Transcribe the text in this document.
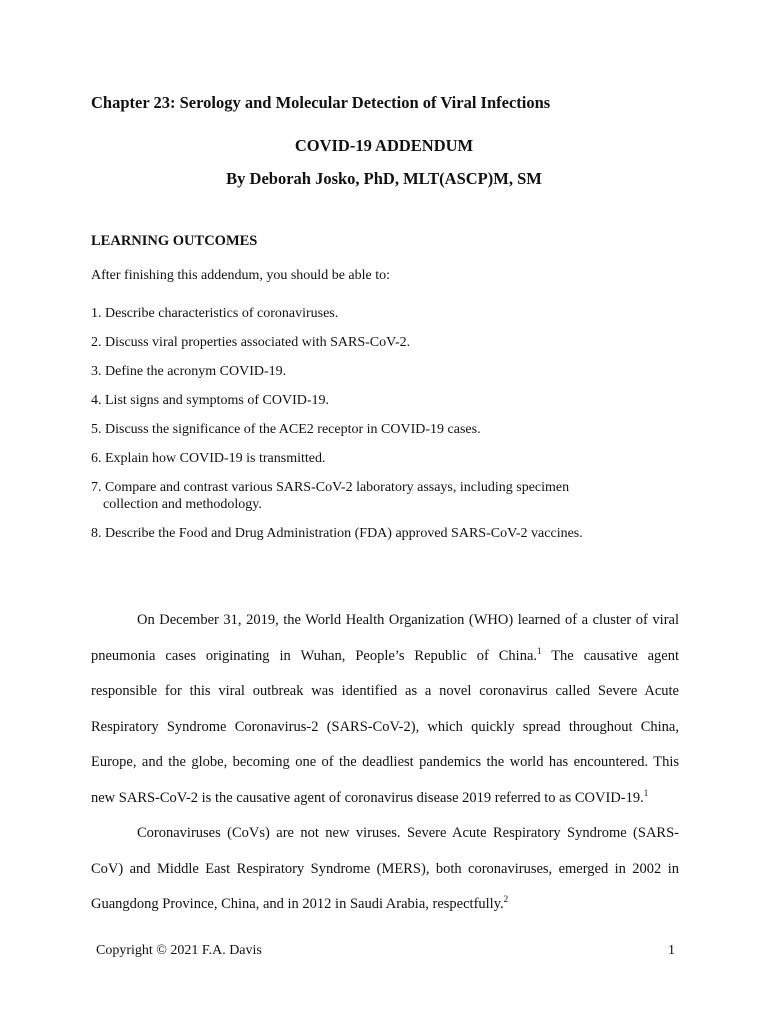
Chapter 23: Serology and Molecular Detection of Viral Infections
COVID-19 ADDENDUM
By Deborah Josko, PhD, MLT(ASCP)M, SM
LEARNING OUTCOMES
After finishing this addendum, you should be able to:
1. Describe characteristics of coronaviruses.
2. Discuss viral properties associated with SARS-CoV-2.
3. Define the acronym COVID-19.
4. List signs and symptoms of COVID-19.
5. Discuss the significance of the ACE2 receptor in COVID-19 cases.
6. Explain how COVID-19 is transmitted.
7. Compare and contrast various SARS-CoV-2 laboratory assays, including specimen
collection and methodology.
8. Describe the Food and Drug Administration (FDA) approved SARS-CoV-2 vaccines.

On December 31, 2019, the World Health Organization (WHO) learned of a cluster of viral pneumonia cases originating in Wuhan, People’s Republic of China.$^1$ The causative agent responsible for this viral outbreak was identified as a novel coronavirus called Severe Acute Respiratory Syndrome Coronavirus-2 (SARS-CoV-2), which quickly spread throughout China, Europe, and the globe, becoming one of the deadliest pandemics the world has encountered. This new SARS-CoV-2 is the causative agent of coronavirus disease 2019 referred to as COVID-19.$^1$

Coronaviruses (CoVs) are not new viruses. Severe Acute Respiratory Syndrome (SARS-CoV) and Middle East Respiratory Syndrome (MERS), both coronaviruses, emerged in 2002 in Guangdong Province, China, and in 2012 in Saudi Arabia, respectfully.$^2$

Copyright © 2021 F.A. Davis	1
